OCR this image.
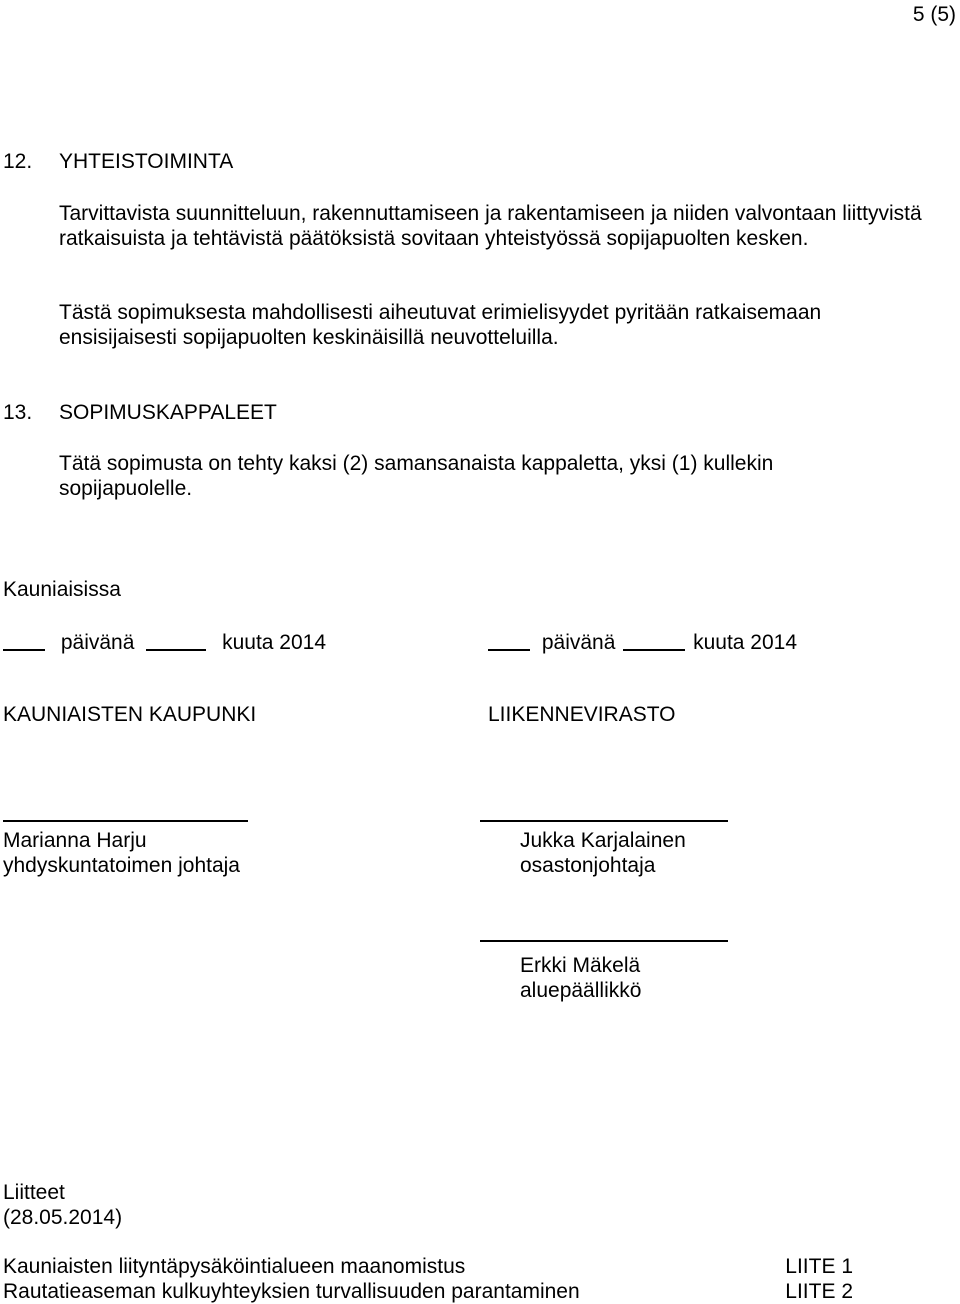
5 (5)
12. YHTEISTOIMINTA
Tarvittavista suunnitteluun, rakennuttamiseen ja rakentamiseen ja niiden valvontaan liittyvistä ratkaisuista ja tehtävistä päätöksistä sovitaan yhteistyössä sopijapuolten kesken.
Tästä sopimuksesta mahdollisesti aiheutuvat erimielisyydet pyritään ratkaisemaan ensisijaisesti sopijapuolten keskinäisillä neuvotteluilla.
13. SOPIMUSKAPPALEET
Tätä sopimusta on tehty kaksi (2) samansanaista kappaletta, yksi (1) kullekin sopijapuolelle.
Kauniaisissa
päivänä	kuuta 2014	päivänä	kuuta 2014
KAUNIAISTEN KAUPUNKI	LIIKENNEVIRASTO
Marianna Harju
yhdyskuntatoimen johtaja
Jukka Karjalainen
osastonjohtaja
Erkki Mäkelä
aluepäällikkö
Liitteet
(28.05.2014)
Kauniaisten liityntäpysäköintialueen maanomistus	LIITE 1
Rautatieaseman kulkuyhteyksien turvallisuuden parantaminen	LIITE 2
